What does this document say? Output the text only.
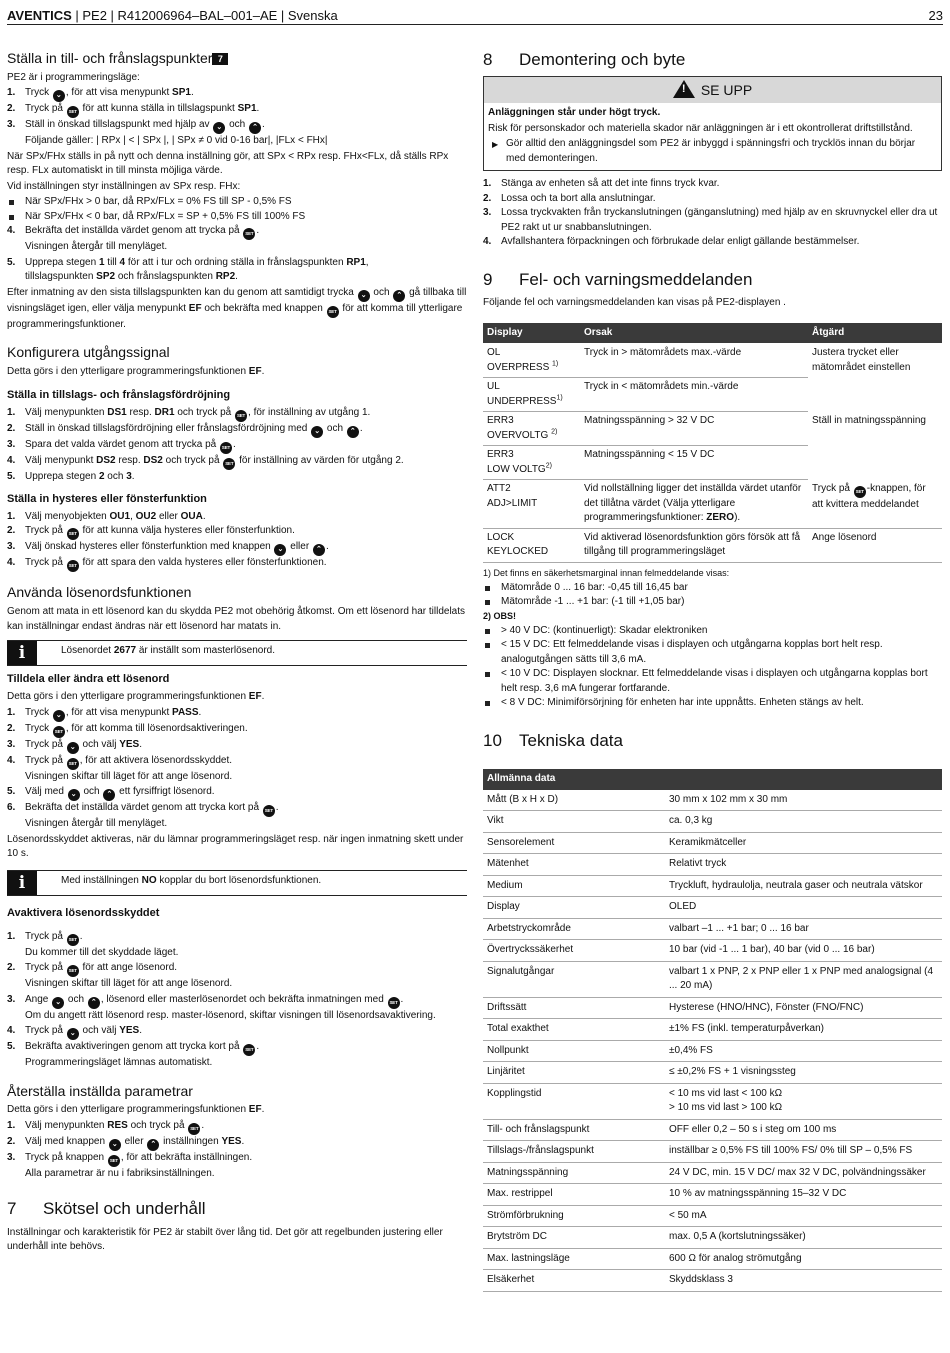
AVENTICS | PE2 | R412006964–BAL–001–AE | Svenska	23
Ställa in till- och frånslagspunkter 7

PE2 är i programmeringsläge:

1. Tryck ⌄ , för att visa menypunkt SP1.
2. Tryck på SET för att kunna ställa in tillslagspunkt SP1.
3. Ställ in önskad tillslagspunkt med hjälp av ⌄ och ⌃ .

Följande gäller: | RPx | < | SPx |, | SPx ≠ 0 vid 0-16 bar|, |FLx < FHx|

När SPx/FHx ställs in på nytt och denna inställning gör, att SPx < RPx resp. FHx<FLx, då ställs RPx resp. FLx automatiskt in till minsta möjliga värde.

Vid inställningen styr inställningen av SPx resp. FHx:

När SPx/FHx > 0 bar, då RPx/FLx = 0% FS till SP - 0,5% FS
När SPx/FHx < 0 bar, då RPx/FLx = SP + 0,5% FS till 100% FS
4. Bekräfta det inställda värdet genom att trycka på SET .

Visningen återgår till menyläget.

5. Upprepa stegen 1 till 4 för att i tur och ordning ställa in frånslagspunkten RP1,

tillslagspunkten SP2 och frånslagspunkten RP2.

Efter inmatning av den sista tillslagspunkten kan du genom att samtidigt trycka ⌄ och ⌃ gå tillbaka till visningsläget igen, eller välja menypunkt EF och bekräfta med knappen SET för att komma till ytterligare programmeringsfunktioner.

Konfigurera utgångssignal

Detta görs i den ytterligare programmeringsfunktionen EF.

Ställa in tillslags- och frånslagsfördröjning
1. Välj menypunkten DS1 resp. DR1 och tryck på SET , för inställning av utgång 1.
2. Ställ in önskad tillslagsfördröjning eller frånslagsfördröjning med ⌄ och ⌃ .
3. Spara det valda värdet genom att trycka på SET .
4. Välj menypunkt DS2 resp. DS2 och tryck på SET för inställning av värden för utgång 2.
5. Upprepa stegen 2 och 3.
Ställa in hysteres eller fönsterfunktion
1. Välj menyobjekten OU1, OU2 eller OUA.
2. Tryck på SET för att kunna välja hysteres eller fönsterfunktion.
3. Välj önskad hysteres eller fönsterfunktion med knappen ⌄ eller ⌃ .
4. Tryck på SET för att spara den valda hysteres eller fönsterfunktionen.
Använda lösenordsfunktionen

Genom att mata in ett lösenord kan du skydda PE2 mot obehörig åtkomst. Om ett lösenord har tilldelats kan inställningar endast ändras när ett lösenord har matats in.

i	Lösenordet 2677 är inställt som masterlösenord.
Tilldela eller ändra ett lösenord

Detta görs i den ytterligare programmeringsfunktionen EF.

1. Tryck ⌄ , för att visa menypunkt PASS.
2. Tryck SET , för att komma till lösenordsaktiveringen.
3. Tryck på ⌄ och välj YES.
4. Tryck på SET , för att aktivera lösenordsskyddet.

Visningen skiftar till läget för att ange lösenord.

5. Välj med ⌄ och ⌃ ett fyrsiffrigt lösenord.
6. Bekräfta det inställda värdet genom att trycka kort på SET .

Visningen återgår till menyläget.

Lösenordsskyddet aktiveras, när du lämnar programmeringsläget resp. när ingen inmatning skett under 10 s.

i	Med inställningen NO kopplar du bort lösenordsfunktionen.
Avaktivera lösenordsskyddet
1. Tryck på SET .

Du kommer till det skyddade läget.

2. Tryck på SET för att ange lösenord.

Visningen skiftar till läget för att ange lösenord.

3. Ange ⌄ och ⌃ , lösenord eller masterlösenordet och bekräfta inmatningen med SET .

Om du angett rätt lösenord resp. master-lösenord, skiftar visningen till lösenordsavaktivering.

4. Tryck på ⌄ och välj YES.
5. Bekräfta avaktiveringen genom att trycka kort på SET .

Programmeringsläget lämnas automatiskt.

Återställa inställda parametrar

Detta görs i den ytterligare programmeringsfunktionen EF.

1. Välj menypunkten RES och tryck på SET .
2. Välj med knappen ⌄ eller ⌃ inställningen YES.
3. Tryck på knappen SET , för att bekräfta inställningen.

Alla parametrar är nu i fabriksinställningen.

7 Skötsel och underhåll

Inställningar och karakteristik för PE2 är stabilt över lång tid. Det gör att regelbunden justering eller underhåll inte behövs.

8 Demontering och byte
! SE UPP

Anläggningen står under högt tryck.

Risk för personskador och materiella skador när anläggningen är i ett okontrollerat driftstillstånd.

▶ Gör alltid den anläggningsdel som PE2 är inbyggd i spänningsfri och trycklös innan du börjar med demonteringen.
1. Stänga av enheten så att det inte finns tryck kvar.
2. Lossa och ta bort alla anslutningar.
3. Lossa tryckvakten från tryckanslutningen (gänganslutning) med hjälp av en skruvnyckel eller dra ut PE2 rakt ut ur snabbanslutningen.
4. Avfallshantera förpackningen och förbrukade delar enligt gällande bestämmelser.
9 Fel- och varningsmeddelanden

Följande fel och varningsmeddelanden kan visas på PE2-displayen .

Display	Orsak	Åtgärd
OL
OVERPRESS $^{1)}$	Tryck in > mätområdets max.-värde	Justera trycket eller mätområdet einstellen
UL
UNDERPRESS$^{1)}$	Tryck in < mätområdets min.-värde	
ERR3
OVERVOLTG $^{2)}$	Matningsspänning > 32 V DC	Ställ in matningsspänning
ERR3
LOW VOLTG$^{2)}$	Matningsspänning < 15 V DC	
ATT2
ADJ>LIMIT	Vid nollställning ligger det inställda värdet utanför det tillåtna värdet (Välja ytterligare programmeringsfunktioner: ZERO).	Tryck på SET -knappen, för att kvittera meddelandet
LOCK
KEYLOCKED	Vid aktiverad lösenordsfunktion görs försök att få tillgång till programmeringsläget	Ange lösenord

1) Det finns en säkerhetsmarginal innan felmeddelande visas:

Mätområde 0 ... 16 bar: -0,45 till 16,45 bar
Mätområde -1 ... +1 bar: (-1 till +1,05 bar)

2) OBS!

> 40 V DC: (kontinuerligt): Skadar elektroniken
< 15 V DC: Ett felmeddelande visas i displayen och utgångarna kopplas bort helt resp. analogutgången sätts till 3,6 mA.
< 10 V DC: Displayen slocknar. Ett felmeddelande visas i displayen och utgångarna kopplas bort helt resp. 3,6 mA fungerar fortfarande.
< 8 V DC: Minimiförsörjning för enheten har inte uppnåtts. Enheten stängs av helt.
10 Tekniska data
Allmänna data	
Mått (B x H x D)	30 mm x 102 mm x 30 mm
Vikt	ca. 0,3 kg
Sensorelement	Keramikmätceller
Mätenhet	Relativt tryck
Medium	Tryckluft, hydraulolja, neutrala gaser och neutrala vätskor
Display	OLED
Arbetstryckområde	valbart –1 ... +1 bar; 0 ... 16 bar
Övertryckssäkerhet	10 bar (vid -1 ... 1 bar), 40 bar (vid 0 ... 16 bar)
Signalutgångar	valbart 1 x PNP, 2 x PNP eller 1 x PNP med analogsignal (4 ... 20 mA)
Driftssätt	Hysterese (HNO/HNC), Fönster (FNO/FNC)
Total exakthet	±1% FS (inkl. temperaturpåverkan)
Nollpunkt	±0,4% FS
Linjäritet	≤ ±0,2% FS + 1 visningssteg
Kopplingstid	< 10 ms vid last < 100 kΩ
> 10 ms vid last > 100 kΩ
Till- och frånslagspunkt	OFF eller 0,2 – 50 s i steg om 100 ms
Tillslags-/frånslagspunkt	inställbar ≥ 0,5% FS till 100% FS/ 0% till SP – 0,5% FS
Matningsspänning	24 V DC, min. 15 V DC/ max 32 V DC, polvändningssäker
Max. restrippel	10 % av matningsspänning 15–32 V DC
Strömförbrukning	< 50 mA
Brytström DC	max. 0,5 A (kortslutningssäker)
Max. lastningsläge	600 Ω för analog strömutgång
Elsäkerhet	Skyddsklass 3
